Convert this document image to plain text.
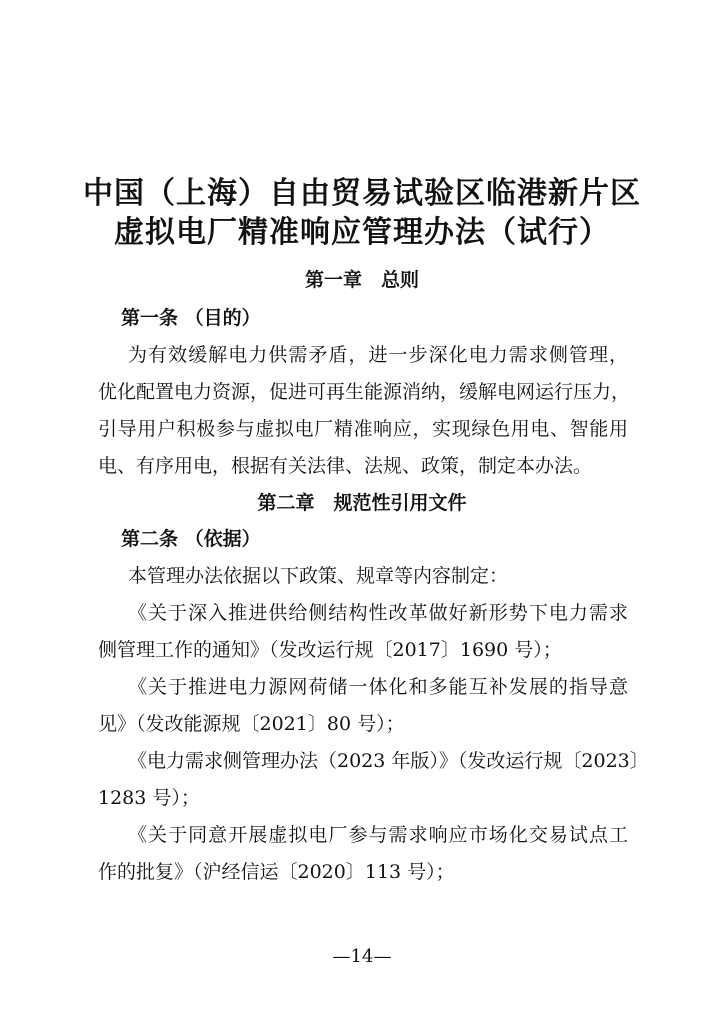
中国（上海）自由贸易试验区临港新片区
虚拟电厂精准响应管理办法（试行）
第一章　总则
第一条 （目的）
为有效缓解电力供需矛盾，进一步深化电力需求侧管理，
优化配置电力资源，促进可再生能源消纳，缓解电网运行压力，
引导用户积极参与虚拟电厂精准响应，实现绿色用电、智能用
电、有序用电，根据有关法律、法规、政策，制定本办法。
第二章　规范性引用文件
第二条 （依据）
本管理办法依据以下政策、规章等内容制定：
《关于深入推进供给侧结构性改革做好新形势下电力需求
侧管理工作的通知》（发改运行规〔2017〕1690 号）；
《关于推进电力源网荷储一体化和多能互补发展的指导意
见》（发改能源规〔2021〕80 号）；
《电力需求侧管理办法（2023 年版）》（发改运行规〔2023〕
1283 号）；
《关于同意开展虚拟电厂参与需求响应市场化交易试点工
作的批复》（沪经信运〔2020〕113 号）；
—14—
